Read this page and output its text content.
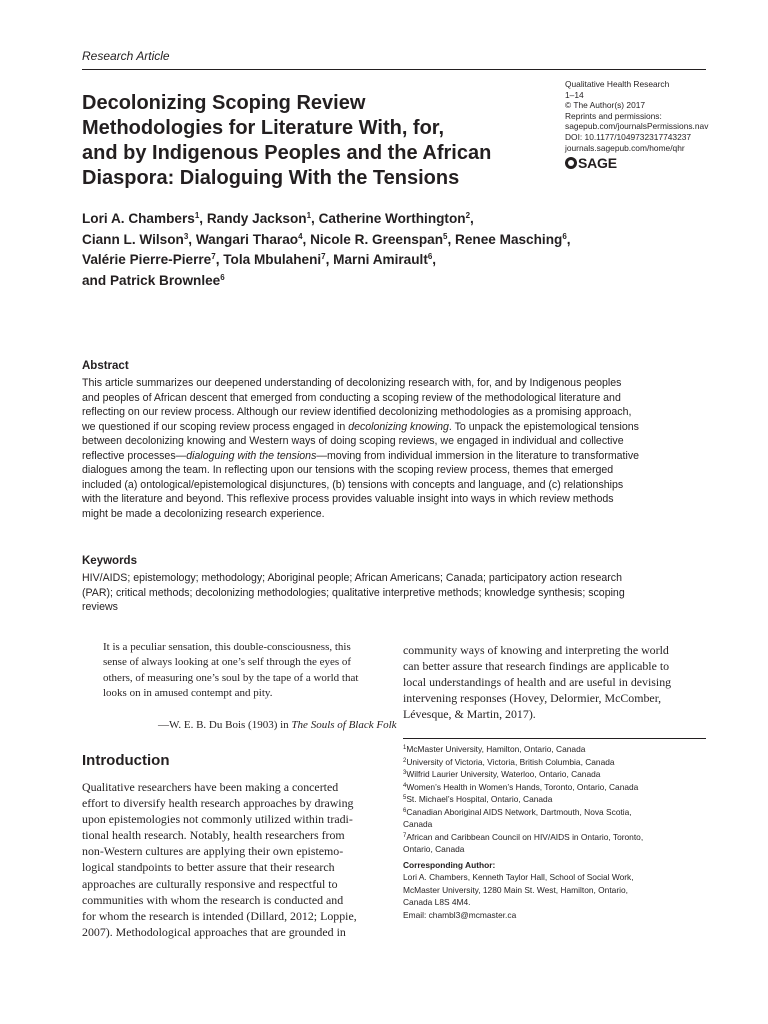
Research Article
Decolonizing Scoping Review
Methodologies for Literature With, for,
and by Indigenous Peoples and the African
Diaspora: Dialoguing With the Tensions
Qualitative Health Research
1–14
© The Author(s) 2017
Reprints and permissions:
sagepub.com/journalsPermissions.nav
DOI: 10.1177/1049732317743237
journals.sagepub.com/home/qhr
SAGE
Lori A. Chambers$^1$, Randy Jackson$^1$, Catherine Worthington$^2$,
Ciann L. Wilson$^3$, Wangari Tharao$^4$, Nicole R. Greenspan$^5$, Renee Masching$^6$,
Valérie Pierre-Pierre$^7$, Tola Mbulaheni$^7$, Marni Amirault$^6$,
and Patrick Brownlee$^6$
Abstract
This article summarizes our deepened understanding of decolonizing research with, for, and by Indigenous peoples
and peoples of African descent that emerged from conducting a scoping review of the methodological literature and
reflecting on our review process. Although our review identified decolonizing methodologies as a promising approach,
we questioned if our scoping review process engaged in decolonizing knowing. To unpack the epistemological tensions
between decolonizing knowing and Western ways of doing scoping reviews, we engaged in individual and collective
reflective processes—dialoguing with the tensions—moving from individual immersion in the literature to transformative
dialogues among the team. In reflecting upon our tensions with the scoping review process, themes that emerged
included (a) ontological/epistemological disjunctures, (b) tensions with concepts and language, and (c) relationships
with the literature and beyond. This reflexive process provides valuable insight into ways in which review methods
might be made a decolonizing research experience.
Keywords
HIV/AIDS; epistemology; methodology; Aboriginal people; African Americans; Canada; participatory action research
(PAR); critical methods; decolonizing methodologies; qualitative interpretive methods; knowledge synthesis; scoping
reviews
It is a peculiar sensation, this double-consciousness, this
sense of always looking at one’s self through the eyes of
others, of measuring one’s soul by the tape of a world that
looks on in amused contempt and pity.
—W. E. B. Du Bois (1903) in The Souls of Black Folk
Introduction
Qualitative researchers have been making a concerted
effort to diversify health research approaches by drawing
upon epistemologies not commonly utilized within tradi-
tional health research. Notably, health researchers from
non-Western cultures are applying their own epistemo-
logical standpoints to better assure that their research
approaches are culturally responsive and respectful to
communities with whom the research is conducted and
for whom the research is intended (Dillard, 2012; Loppie,
2007). Methodological approaches that are grounded in
community ways of knowing and interpreting the world
can better assure that research findings are applicable to
local understandings of health and are useful in devising
intervening responses (Hovey, Delormier, McComber,
Lévesque, & Martin, 2017).
$^1$McMaster University, Hamilton, Ontario, Canada
$^2$University of Victoria, Victoria, British Columbia, Canada
$^3$Wilfrid Laurier University, Waterloo, Ontario, Canada
$^4$Women’s Health in Women’s Hands, Toronto, Ontario, Canada
$^5$St. Michael’s Hospital, Ontario, Canada
$^6$Canadian Aboriginal AIDS Network, Dartmouth, Nova Scotia,
Canada
$^7$African and Caribbean Council on HIV/AIDS in Ontario, Toronto,
Ontario, Canada
Corresponding Author:
Lori A. Chambers, Kenneth Taylor Hall, School of Social Work,
McMaster University, 1280 Main St. West, Hamilton, Ontario,
Canada L8S 4M4.
Email: chambl3@mcmaster.ca
